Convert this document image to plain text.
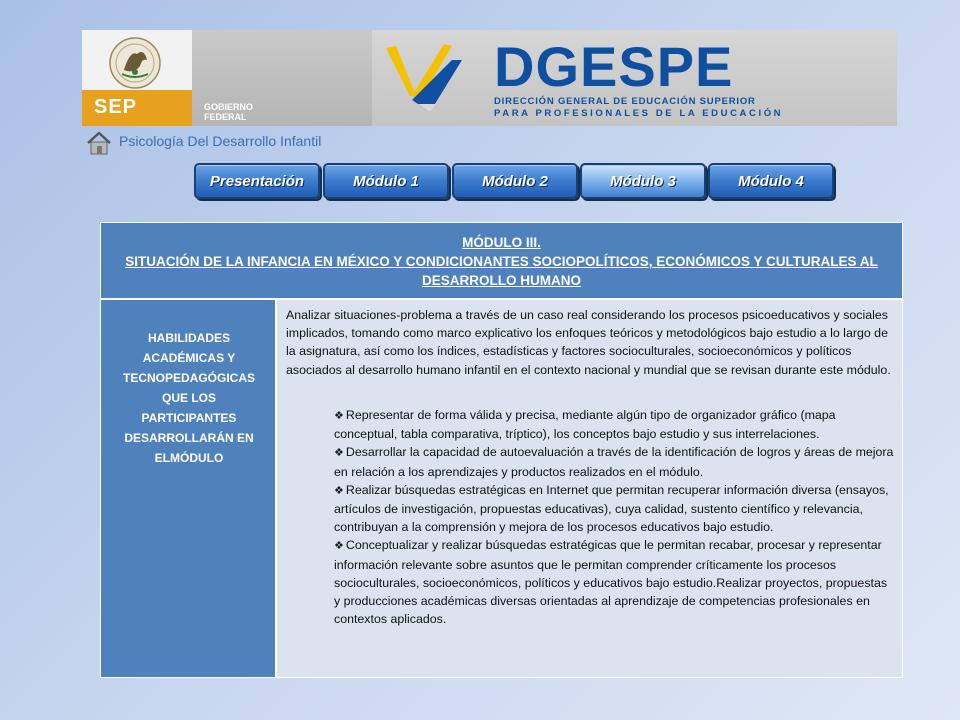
SEP	GOBIERNO
FEDERAL
DGESPE
DIRECCIÓN GENERAL DE EDUCACIÓN SUPERIOR
PARA PROFESIONALES DE LA EDUCACIÓN
Psicología Del Desarrollo Infantil
Presentación	Módulo 1	Módulo 2	Módulo 3	Módulo 4
MÓDULO III.
SITUACIÓN DE LA INFANCIA EN MÉXICO Y CONDICIONANTES SOCIOPOLÍTICOS, ECONÓMICOS Y CULTURALES AL DESARROLLO HUMANO
HABILIDADES ACADÉMICAS Y TECNOPEDAGÓGICAS QUE LOS PARTICIPANTES DESARROLLARÁN EN ELMÓDULO
Analizar situaciones-problema a través de un caso real considerando los procesos psicoeducativos y sociales implicados, tomando como marco explicativo los enfoques teóricos y metodológicos bajo estudio a lo largo de la asignatura, así como los índices, estadísticas y factores socioculturales, socioeconómicos y políticos asociados al desarrollo humano infantil en el contexto nacional y mundial que se revisan durante este módulo.
❖ Representar de forma válida y precisa, mediante algún tipo de organizador gráfico (mapa conceptual, tabla comparativa, tríptico), los conceptos bajo estudio y sus interrelaciones.
❖ Desarrollar la capacidad de autoevaluación a través de la identificación de logros y áreas de mejora en relación a los aprendizajes y productos realizados en el módulo.
❖ Realizar búsquedas estratégicas en Internet que permitan recuperar información diversa (ensayos, artículos de investigación, propuestas educativas), cuya calidad, sustento científico y relevancia, contribuyan a la comprensión y mejora de los procesos educativos bajo estudio.
❖ Conceptualizar y realizar búsquedas estratégicas que le permitan recabar, procesar y representar información relevante sobre asuntos que le permitan comprender críticamente los procesos socioculturales, socioeconómicos, políticos y educativos bajo estudio.Realizar proyectos, propuestas y producciones académicas diversas orientadas al aprendizaje de competencias profesionales en contextos aplicados.
